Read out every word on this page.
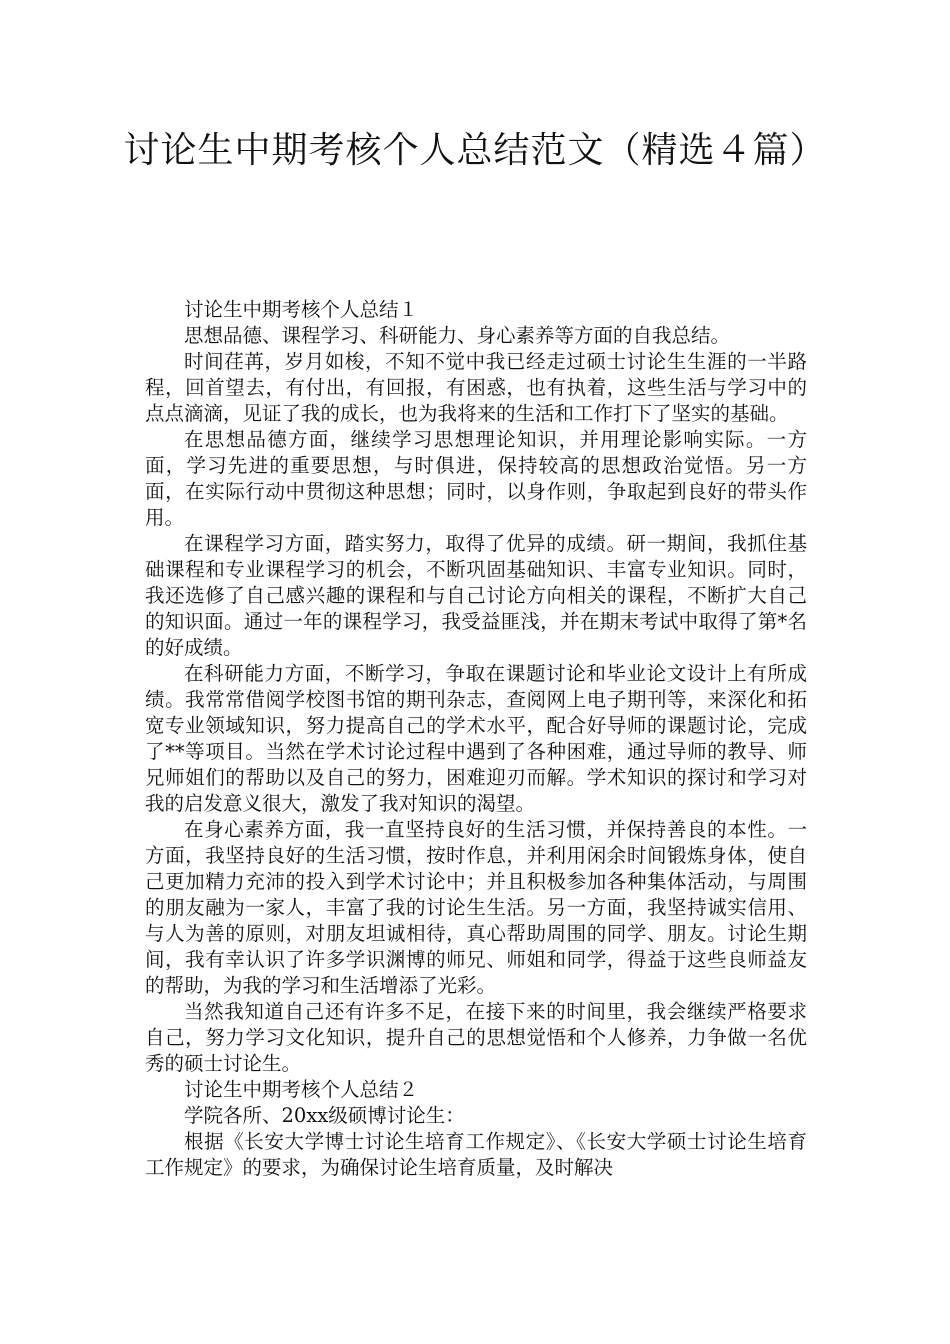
讨论生中期考核个人总结范文（精选４篇）

讨论生中期考核个人总结１

思想品德、课程学习、科研能力、身心素养等方面的自我总结。

时间荏苒，岁月如梭，不知不觉中我已经走过硕士讨论生生涯的一半路程，回首望去，有付出，有回报，有困惑，也有执着，这些生活与学习中的点点滴滴，见证了我的成长，也为我将来的生活和工作打下了坚实的基础。

在思想品德方面，继续学习思想理论知识，并用理论影响实际。一方面，学习先进的重要思想，与时俱进，保持较高的思想政治觉悟。另一方面，在实际行动中贯彻这种思想；同时，以身作则，争取起到良好的带头作用。

在课程学习方面，踏实努力，取得了优异的成绩。研一期间，我抓住基础课程和专业课程学习的机会，不断巩固基础知识、丰富专业知识。同时，我还选修了自己感兴趣的课程和与自己讨论方向相关的课程，不断扩大自己的知识面。通过一年的课程学习，我受益匪浅，并在期末考试中取得了第*名的好成绩。

在科研能力方面，不断学习，争取在课题讨论和毕业论文设计上有所成绩。我常常借阅学校图书馆的期刊杂志，查阅网上电子期刊等，来深化和拓宽专业领域知识，努力提高自己的学术水平，配合好导师的课题讨论，完成了**等项目。当然在学术讨论过程中遇到了各种困难，通过导师的教导、师兄师姐们的帮助以及自己的努力，困难迎刃而解。学术知识的探讨和学习对我的启发意义很大，激发了我对知识的渴望。

在身心素养方面，我一直坚持良好的生活习惯，并保持善良的本性。一方面，我坚持良好的生活习惯，按时作息，并利用闲余时间锻炼身体，使自己更加精力充沛的投入到学术讨论中；并且积极参加各种集体活动，与周围的朋友融为一家人，丰富了我的讨论生生活。另一方面，我坚持诚实信用、与人为善的原则，对朋友坦诚相待，真心帮助周围的同学、朋友。讨论生期间，我有幸认识了许多学识渊博的师兄、师姐和同学，得益于这些良师益友的帮助，为我的学习和生活增添了光彩。

当然我知道自己还有许多不足，在接下来的时间里，我会继续严格要求自己，努力学习文化知识，提升自己的思想觉悟和个人修养，力争做一名优秀的硕士讨论生。

讨论生中期考核个人总结２

学院各所、20xx级硕博讨论生：

根据《长安大学博士讨论生培育工作规定》、《长安大学硕士讨论生培育工作规定》的要求，为确保讨论生培育质量，及时解决
